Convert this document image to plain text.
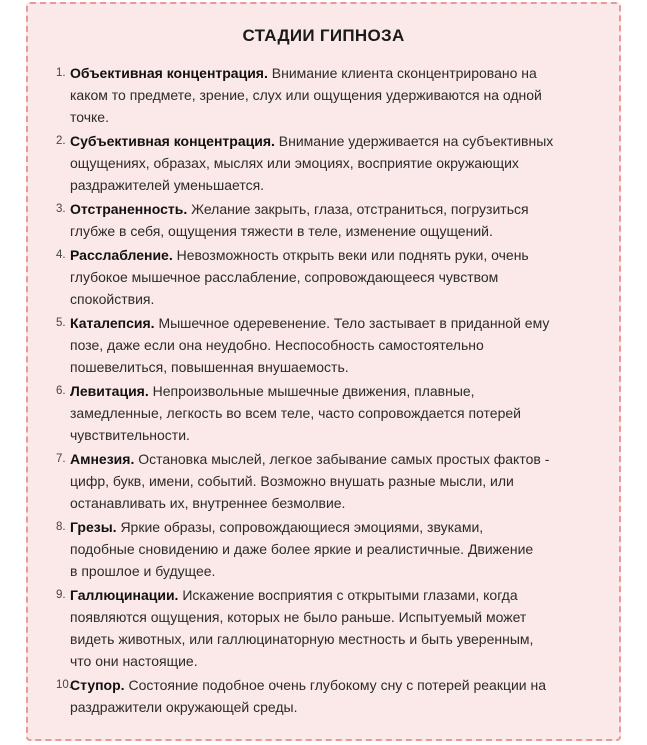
СТАДИИ ГИПНОЗА
1. Объективная концентрация. Внимание клиента сконцентрировано на
каком то предмете, зрение, слух или ощущения удерживаются на одной
точке.
2. Субъективная концентрация. Внимание удерживается на субъективных
ощущениях, образах, мыслях или эмоциях, восприятие окружающих
раздражителей уменьшается.
3. Отстраненность. Желание закрыть, глаза, отстраниться, погрузиться
глубже в себя, ощущения тяжести в теле, изменение ощущений.
4. Расслабление. Невозможность открыть веки или поднять руки, очень
глубокое мышечное расслабление, сопровождающееся чувством
спокойствия.
5. Каталепсия. Мышечное одеревенение. Тело застывает в приданной ему
позе, даже если она неудобно. Неспособность самостоятельно
пошевелиться, повышенная внушаемость.
6. Левитация. Непроизвольные мышечные движения, плавные,
замедленные, легкость во всем теле, часто сопровождается потерей
чувствительности.
7. Амнезия. Остановка мыслей, легкое забывание самых простых фактов -
цифр, букв, имени, событий. Возможно внушать разные мысли, или
останавливать их, внутреннее безмолвие.
8. Грезы. Яркие образы, сопровождающиеся эмоциями, звуками,
подобные сновидению и даже более яркие и реалистичные. Движение
в прошлое и будущее.
9. Галлюцинации. Искажение восприятия с открытыми глазами, когда
появляются ощущения, которых не было раньше. Испытуемый может
видеть животных, или галлюцинаторную местность и быть уверенным,
что они настоящие.
10.
Ступор. Состояние подобное очень глубокому сну с потерей реакции на
раздражители окружающей среды.
